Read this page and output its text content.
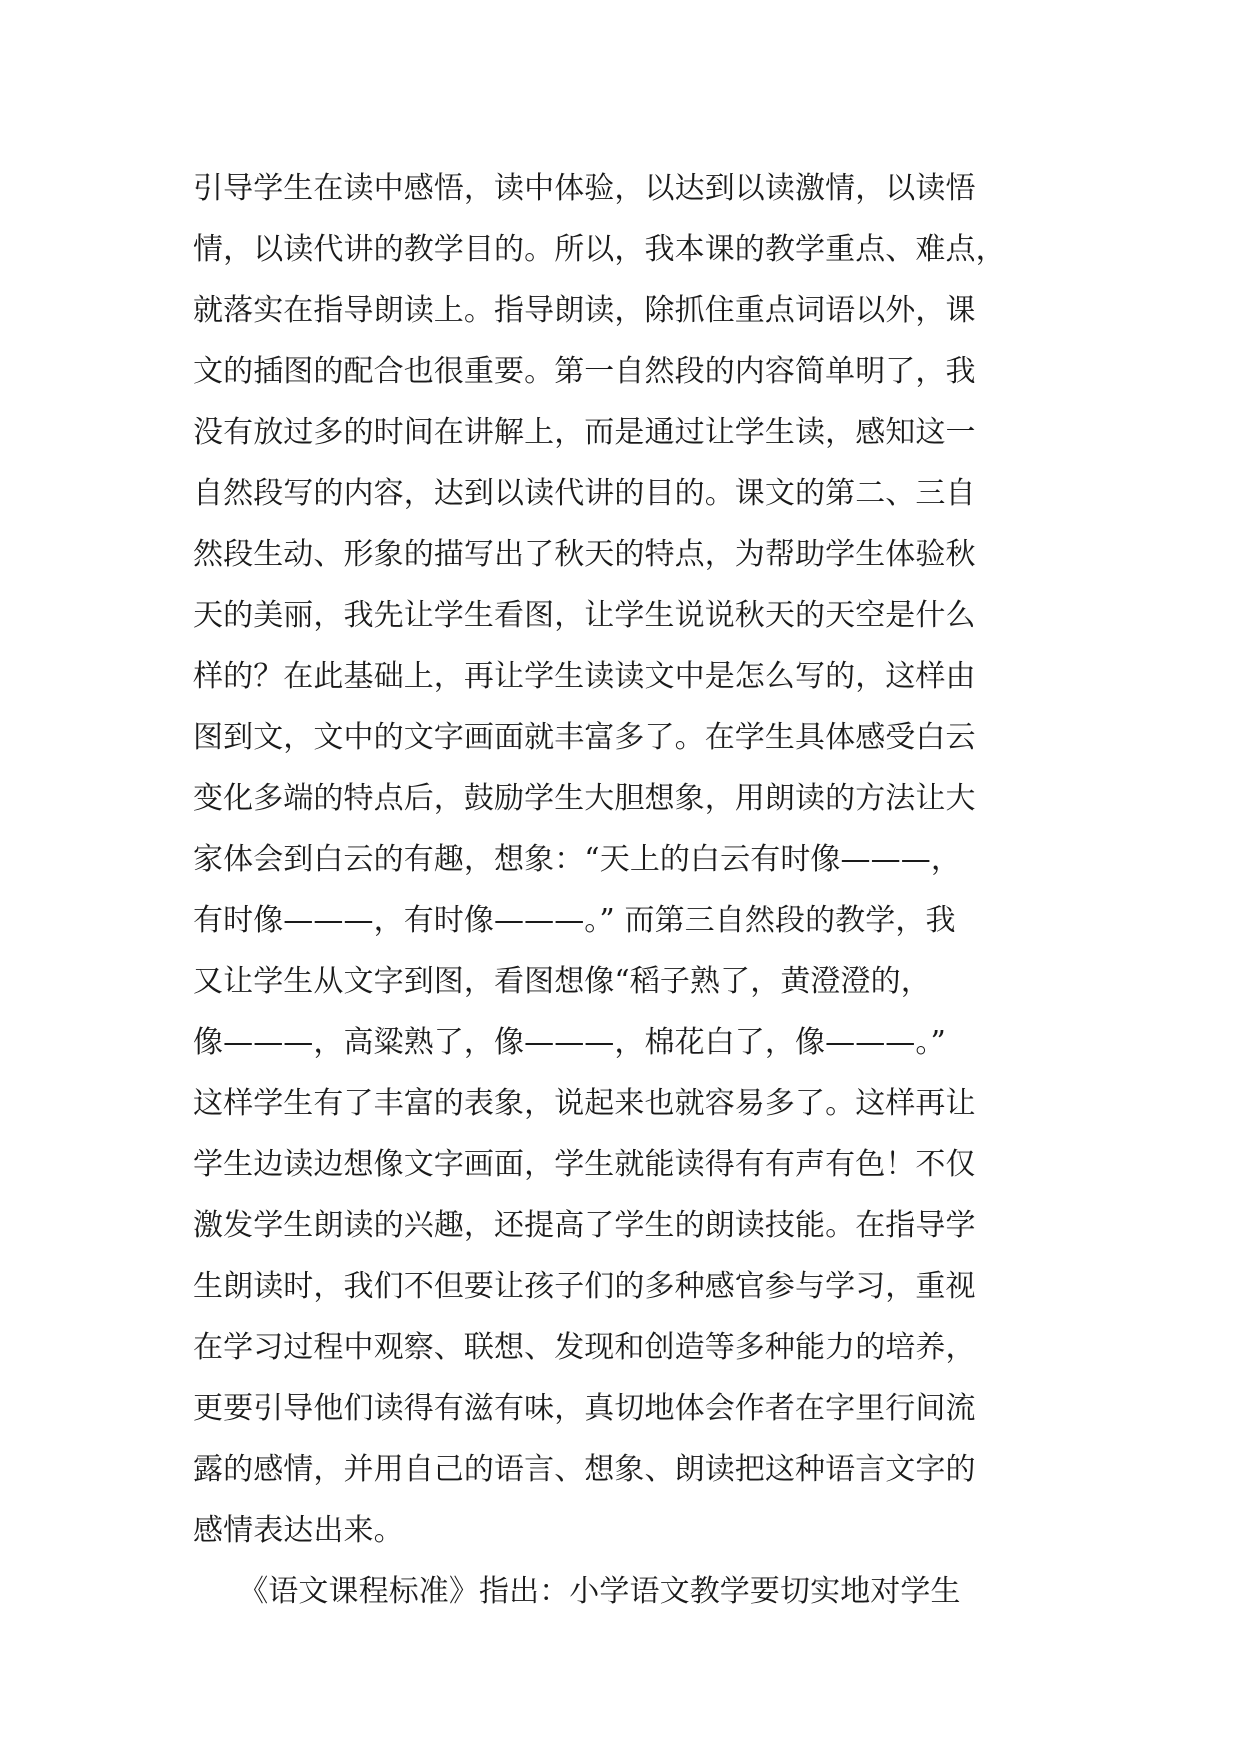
引导学生在读中感悟，读中体验，以达到以读激情，以读悟
情，以读代讲的教学目的。所以，我本课的教学重点、难点，
就落实在指导朗读上。指导朗读，除抓住重点词语以外，课
文的插图的配合也很重要。第一自然段的内容简单明了，我
没有放过多的时间在讲解上，而是通过让学生读，感知这一
自然段写的内容，达到以读代讲的目的。课文的第二、三自
然段生动、形象的描写出了秋天的特点，为帮助学生体验秋
天的美丽，我先让学生看图，让学生说说秋天的天空是什么
样的？在此基础上，再让学生读读文中是怎么写的，这样由
图到文，文中的文字画面就丰富多了。在学生具体感受白云
变化多端的特点后，鼓励学生大胆想象，用朗读的方法让大
家体会到白云的有趣，想象：“天上的白云有时像———，
有时像———，有时像———。” 而第三自然段的教学，我
又让学生从文字到图，看图想像“稻子熟了，黄澄澄的，
像———，高粱熟了，像———，棉花白了，像———。”
这样学生有了丰富的表象，说起来也就容易多了。这样再让
学生边读边想像文字画面，学生就能读得有有声有色！不仅
激发学生朗读的兴趣，还提高了学生的朗读技能。在指导学
生朗读时，我们不但要让孩子们的多种感官参与学习，重视
在学习过程中观察、联想、发现和创造等多种能力的培养，
更要引导他们读得有滋有味，真切地体会作者在字里行间流
露的感情，并用自己的语言、想象、朗读把这种语言文字的
感情表达出来。
　　《语文课程标准》指出：小学语文教学要切实地对学生
